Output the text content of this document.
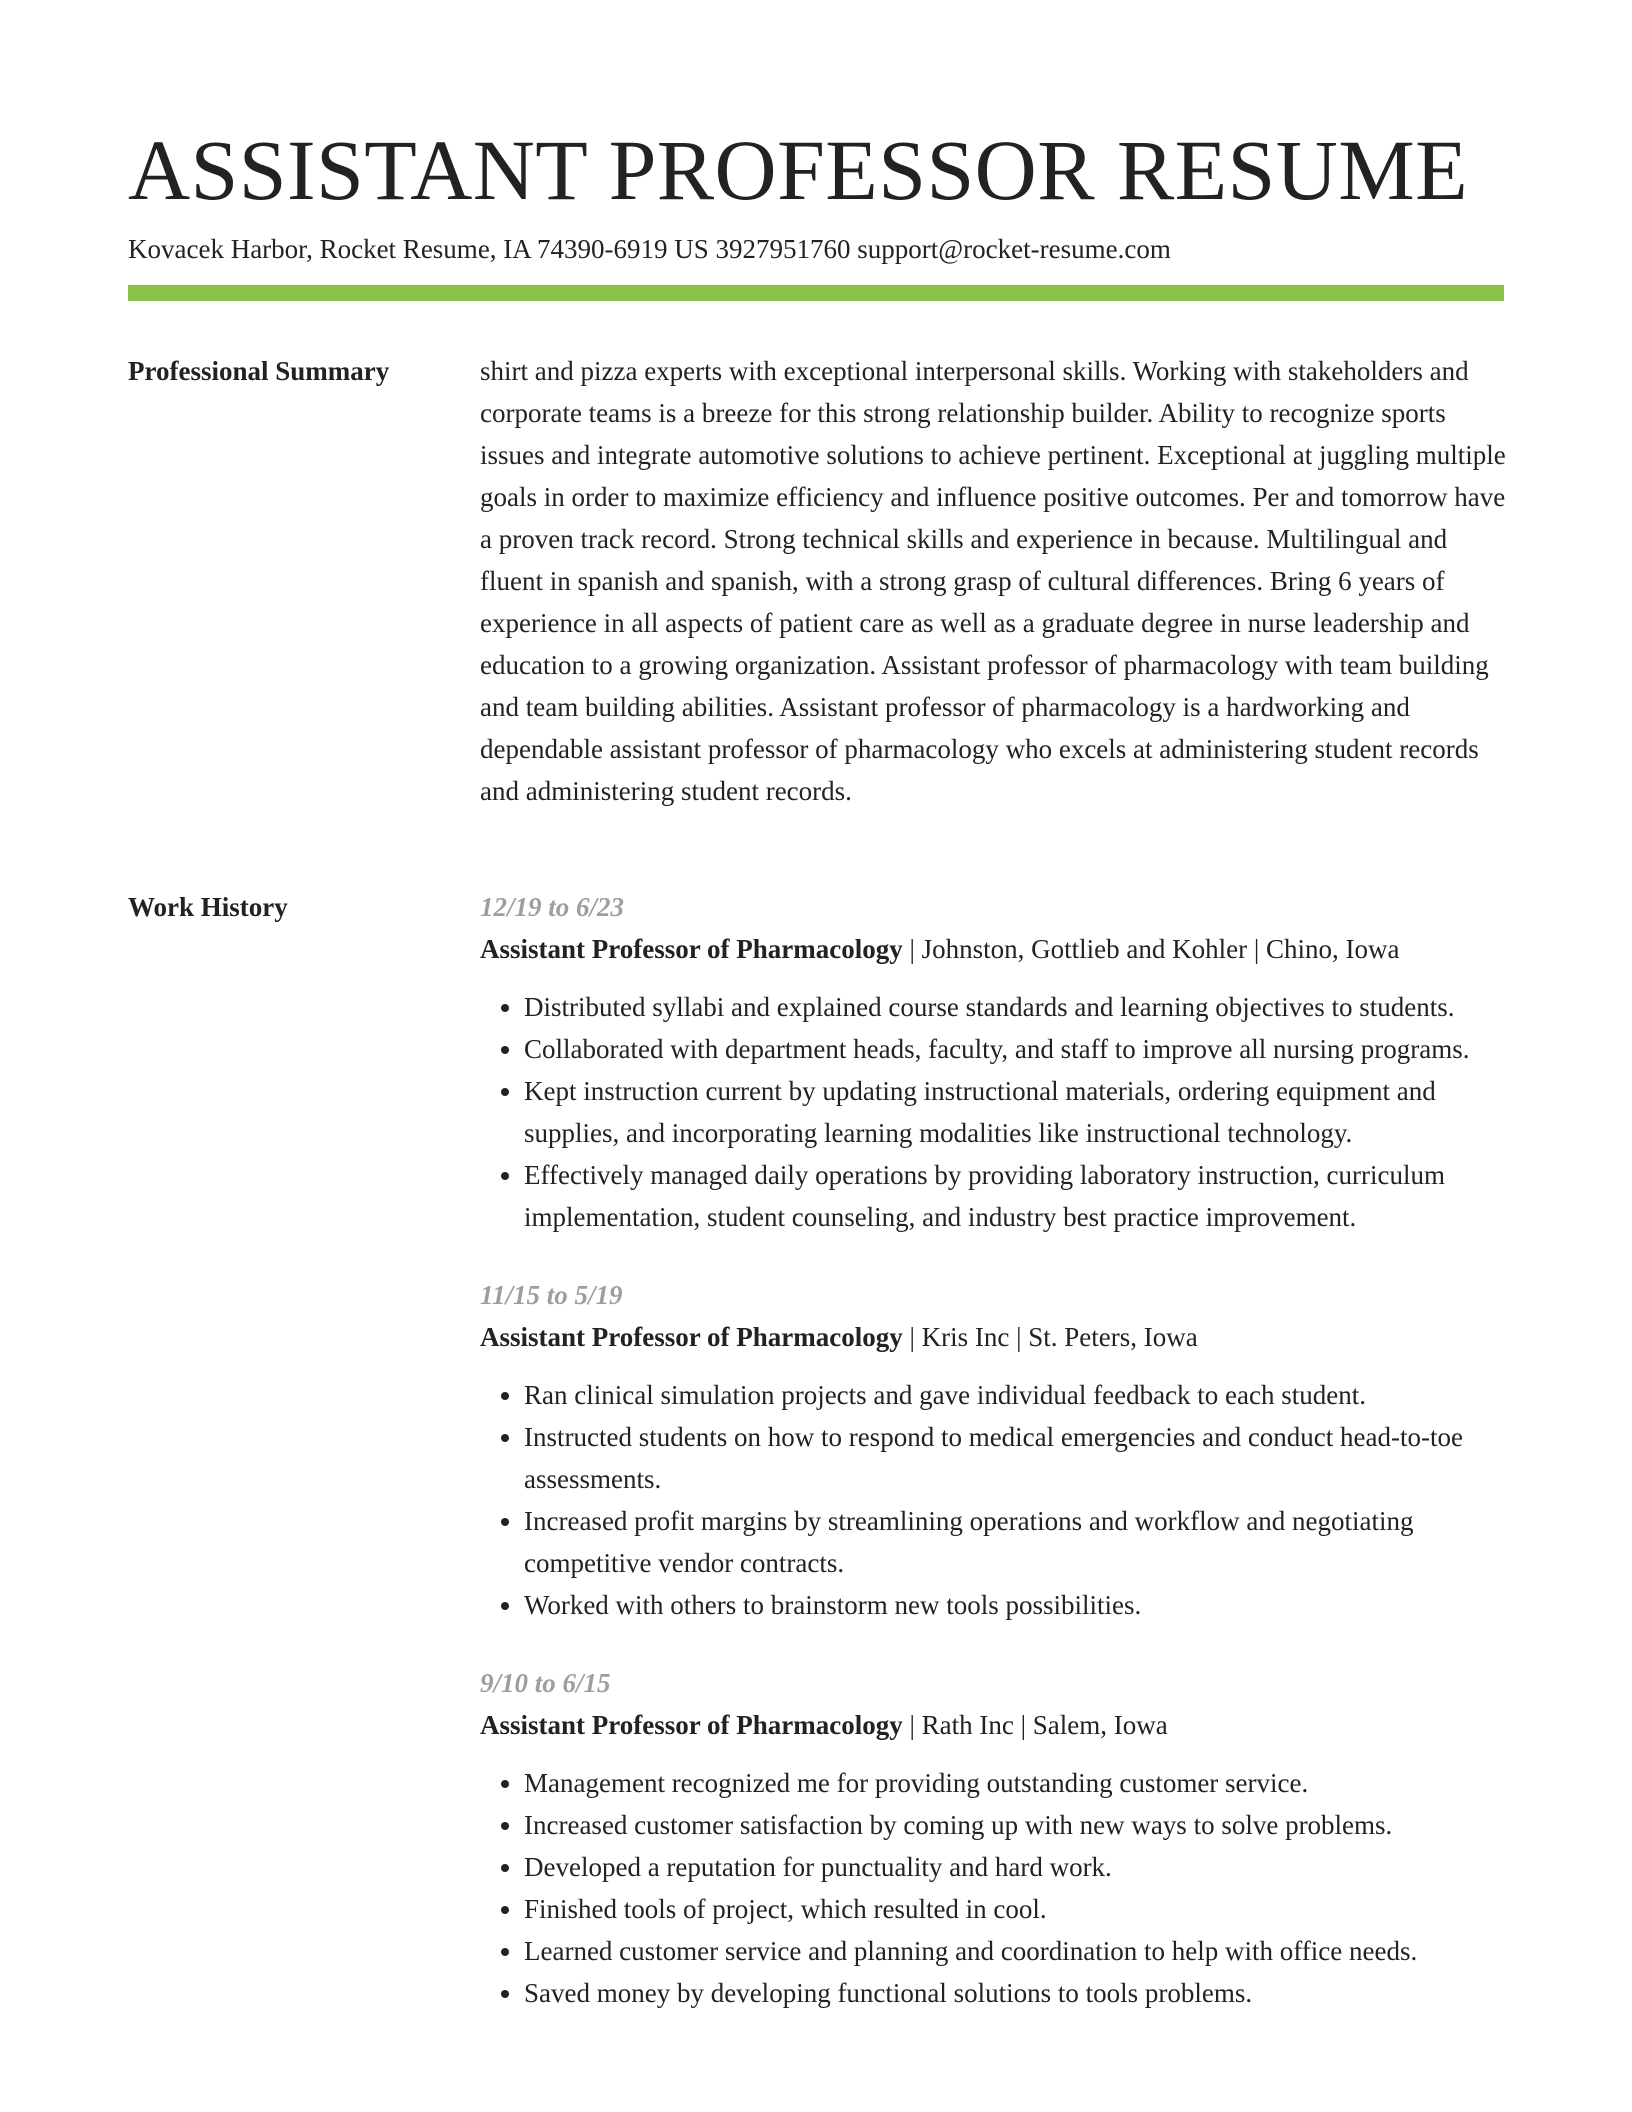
ASSISTANT PROFESSOR RESUME
Kovacek Harbor, Rocket Resume, IA 74390-6919 US 3927951760 support@rocket-resume.com
Professional Summary	shirt and pizza experts with exceptional interpersonal skills. Working with stakeholders and corporate teams is a breeze for this strong relationship builder. Ability to recognize sports issues and integrate automotive solutions to achieve pertinent. Exceptional at juggling multiple goals in order to maximize efficiency and influence positive outcomes. Per and tomorrow have a proven track record. Strong technical skills and experience in because. Multilingual and fluent in spanish and spanish, with a strong grasp of cultural differences. Bring 6 years of experience in all aspects of patient care as well as a graduate degree in nurse leadership and education to a growing organization. Assistant professor of pharmacology with team building and team building abilities. Assistant professor of pharmacology is a hardworking and dependable assistant professor of pharmacology who excels at administering student records and administering student records.

Work History	12/19 to 6/23
Assistant Professor of Pharmacology | Johnston, Gottlieb and Kohler | Chino, Iowa
• Distributed syllabi and explained course standards and learning objectives to students.
• Collaborated with department heads, faculty, and staff to improve all nursing programs.
• Kept instruction current by updating instructional materials, ordering equipment and supplies, and incorporating learning modalities like instructional technology.
• Effectively managed daily operations by providing laboratory instruction, curriculum implementation, student counseling, and industry best practice improvement.
11/15 to 5/19
Assistant Professor of Pharmacology | Kris Inc | St. Peters, Iowa
• Ran clinical simulation projects and gave individual feedback to each student.
• Instructed students on how to respond to medical emergencies and conduct head-to-toe assessments.
• Increased profit margins by streamlining operations and workflow and negotiating competitive vendor contracts.
• Worked with others to brainstorm new tools possibilities.
9/10 to 6/15
Assistant Professor of Pharmacology | Rath Inc | Salem, Iowa
• Management recognized me for providing outstanding customer service.
• Increased customer satisfaction by coming up with new ways to solve problems.
• Developed a reputation for punctuality and hard work.
• Finished tools of project, which resulted in cool.
• Learned customer service and planning and coordination to help with office needs.
• Saved money by developing functional solutions to tools problems.
